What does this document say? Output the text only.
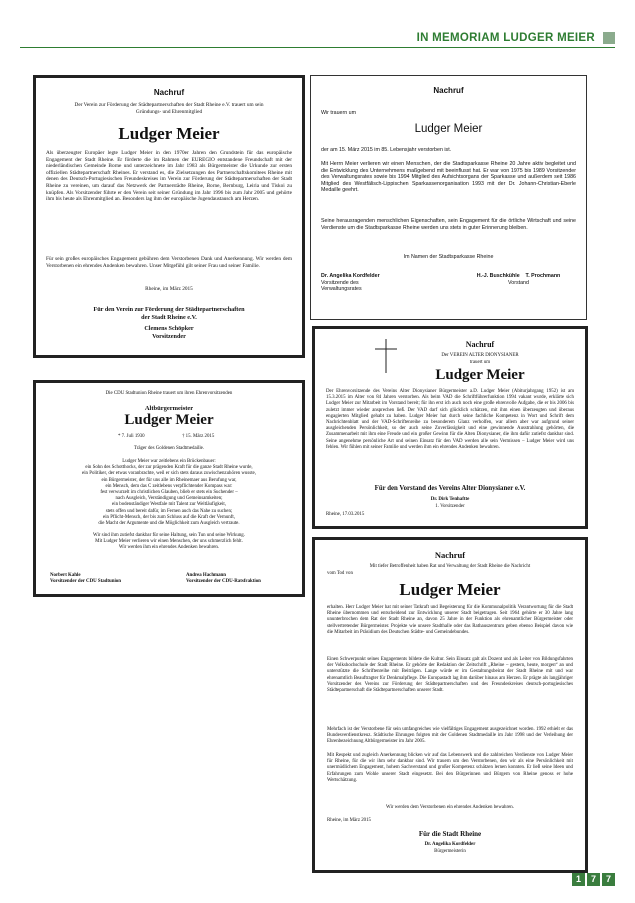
IN MEMORIAM LUDGER MEIER
Nachruf
Der Verein zur Förderung der Städtepartnerschaften der Stadt Rheine e.V. trauert um sein Gründungs- und Ehrenmitglied
Ludger Meier
Als überzeugter Europäer legte Ludger Meier in den 1970er Jahren den Grundstein für das europäische Engagement der Stadt Rheine. Er förderte die im Rahmen der EUREGIO entstandene Freundschaft mit der niederländischen Gemeinde Borne und unterzeichnete im Jahr 1983 als Bürgermeister die Urkunde zur ersten offiziellen Städtepartnerschaft Rheines. Er verstand es, die Zielsetzungen des Partnerschaftskomitees Rheine mit denen des Deutsch-Portugiesischen Freundeskreises im Verein zur Förderung der Städtepartnerschaften der Stadt Rheine zu vereinen, um darauf das Netzwerk der Partnerstädte Rheine, Borne, Bernburg, Leiria und Tiskoi zu knüpfen. Als Vorsitzender führte er den Verein seit seiner Gründung im Jahr 1996 bis zum Jahr 2005 und gehörte ihm bis heute als Ehrenmitglied an. Besonders lag ihm der europäische Jugendaustausch am Herzen.
Für sein großes europäisches Engagement gebühren dem Verstorbenen Dank und Anerkennung. Wir werden dem Verstorbenen ein ehrendes Andenken bewahren. Unser Mitgefühl gilt seiner Frau und seiner Familie.
Rheine, im März 2015
Für den Verein zur Förderung der Städtepartnerschaften
der Stadt Rheine e.V.
Clemens Schöpker
Vorsitzender
Nachruf
Wir trauern um
Ludger Meier
der am 15. März 2015 im 85. Lebensjahr verstorben ist.
Mit Herrn Meier verlieren wir einen Menschen, der die Stadtsparkasse Rheine 20 Jahre aktiv begleitet und die Entwicklung des Unternehmens maßgebend mit beeinflusst hat. Er war von 1975 bis 1989 Vorsitzender des Verwaltungsrates sowie bis 1994 Mitglied des Aufsichtsorgans der Sparkasse und außerdem seit 1986 Mitglied des Westfälisch-Lippischen Sparkassenorganisation 1993 mit der Dr. Johann-Christian-Eberle Medaille geehrt.
Seine herausragenden menschlichen Eigenschaften, sein Engagement für die örtliche Wirtschaft und seine Verdienste um die Stadtsparkasse Rheine werden uns stets in guter Erinnerung bleiben.
Im Namen der Stadtsparkasse Rheine
Dr. Angelika Kordfelder
Vorsitzende des
Verwaltungsrates
H.-J. Buschkühle    T. Prochmann
Vorstand
Nachruf
Der VEREIN ALTER DIONYSIANER
trauert um
Ludger Meier
Der Ehrenvorsitzende des Vereins Alter Dionysianer Bürgermeister a.D. Ludger Meier (Abiturjahrgang 1952) ist am 15.3.2015 im Alter von 84 Jahren verstorben. Als beim VAD die Schriftführerfunktion 1994 vakant wurde, erklärte sich Ludger Meier zur Mitarbeit im Vorstand bereit; für ihn erst ich auch noch eine große ehrenvolle Aufgabe, die er bis 2006 bis zuletzt immer wieder ansprechen ließ. Der VAD darf sich glücklich schätzen, mit ihm einen überzeugten und überaus engagierten Mitglied gehabt zu haben. Ludger Meier hat durch seine fachliche Kompetenz in Wort und Schrift dem Nachrichtenblatt und der VAD-Schriftenreihe zu besonderem Glanz verholfen, war allem aber war aufgrund seiner ausgleichenden Persönlichkeit, so der auch seine Zuverlässigkeit und eine gewinnende Ausstrahlung gehörten, die Zusammenarbeit mit ihm eine Freude und ein großer Gewinn für die Alten Dionysianer, die ihm dafür zutiefst dankbar sind. Seine angenehme persönliche Art und seinen Einsatz für den VAD werden alle sein Vermissen – Ludger Meier wird uns fehlen. Wir fühlen mit seiner Familie und werden ihm ein ehrendes Andenken bewahren.
Für den Vorstand des Vereins Alter Dionysianer e.V.
Dr. Dirk Tenhaftte
1. Vorsitzender
Rheine, 17.03.2015
Die CDU Stadtunion Rheine trauert um ihren Ehrenvorsitzenden
Altbürgermeister
Ludger Meier
* 7. Juli 1930	† 15. März 2015
Träger des Goldenen Stadtmedaille.
Ludger Meier war zeitlebens ein Brückenbauer:
ein Sohn des Schotthocks, der zur prägenden Kraft für die ganze Stadt Rheine wurde,
ein Politiker, der etwas voranbrachte, weil er sich stets daraus zuwischenzuhören wusste,
ein Bürgermeister, der für uns alle im Rheinemaer aus Berufung war,
ein Mensch, dem das C zeitlebens verpflichtender Kompass war:
fest verwurzelt im christlichen Glauben, blieb er stets ein Suchender –
nach Ausgleich, Verständigung und Gemeinsamkeiten;
ein bodenständiger Westfale mit Talent zur Weltläufigkeit,
stets offen und bereit dafür, im Fernen auch das Nahe zu suchen;
ein Pflicht-Mensch, der bis zum Schluss auf die Kraft der Vernunft,
die Macht der Argumente und die Möglichkeit zum Ausgleich vertraute.
Wir sind ihm zutiefst dankbar für seine Haltung, sein Tun und seine Wirkung.
Mit Ludger Meier verlieren wir einen Menschen, der uns schmerzlich fehlt.
Wir werden ihm ein ehrendes Andenken bewahren.
Norbert Kahle
Vorsitzender der CDU Stadtunion
Andrea Hachmann
Vorsitzender der CDU-Ratsfraktion
Nachruf
Mit tiefer Betroffenheit haben Rat und Verwaltung der Stadt Rheine die Nachricht
vom Tod von
Ludger Meier
erhalten. Herr Ludger Meier hat mit seiner Tatkraft und Begeisterung für die Kommunalpolitik Verantwortung für die Stadt Rheine übernommen und entscheidend zur Entwicklung unserer Stadt beigetragen. Seit 1964 gehörte er 30 Jahre lang ununterbrochen dem Rat der Stadt Rheine an, davon 25 Jahre in der Funktion als ehrenamtlicher Bürgermeister oder stellvertretender Bürgermeister. Projekte wie unsere Stadthalle oder das Rathauszentrum geben ebenso Beispiel davon wie die Mitarbeit im Präsidium des Deutschen Städte- und Gemeindebundes.
Einen Schwerpunkt seines Engagements bildete die Kultur. Sein Einsatz galt als Dozent und als Leiter von Bildungsfahrten der Volkshochschule der Stadt Rheine. Er gehörte der Redaktion der Zeitschrift „Rheine – gestern, heute, morgen“ an und unterstützte die Schriftenreihe mit Beiträgen. Lange würde er im Gestaltungsbeirat der Stadt Rheine mit und war ehrenamtlich Beauftragter für Denkmalpflege. Die Europastadt lag ihm darüber hinaus am Herzen. Er prägte als langjähriger Vorsitzender des Vereins zur Förderung der Städtepartnerschaften und des Freundeskreises deutsch-portugiesisches Städtepartnerschaft die Städtepartnerschaften unserer Stadt.
Mehrfach ist der Verstorbene für sein umfangreiches wie vielfältiges Engagement ausgezeichnet worden. 1992 erhielt er das Bundesverdienstkreuz. Städtische Ehrungen folgten mit der Goldenen Stadtmedaille im Jahr 1998 und der Verleihung der Ehrenbezeichnung Altbürgermeister im Jahr 2005.
Mit Respekt und zugleich Anerkennung blicken wir auf das Lebenswerk und die zahlreichen Verdienste von Ludger Meier für Rheine, für die wir ihm sehr dankbar sind. Wir trauern um den Verstorbenen, den wir als eine Persönlichkeit mit unermüdlichem Engagement, hohem Sachverstand und großer Kompetenz schätzen lernen konnten. Er ließ seine Ideen und Erfahrungen zum Wohle unserer Stadt eingesetzt. Bei den Bürgerinnen und Bürgern von Rheine genoss er hohe Wertschätzung.
Wir werden dem Verstorbenen ein ehrendes Andenken bewahren.
Rheine, im März 2015
Für die Stadt Rheine
Dr. Angelika Kordfelder
Bürgermeisterin
1	7	7
